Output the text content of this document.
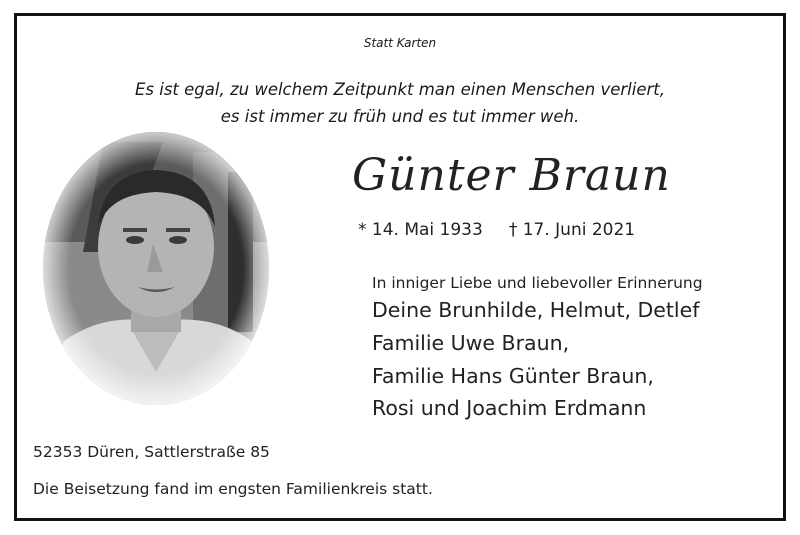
Statt Karten
Es ist egal, zu welchem Zeitpunkt man einen Menschen verliert,
es ist immer zu früh und es tut immer weh.
Günter Braun
* 14. Mai 1933 † 17. Juni 2021
In inniger Liebe und liebevoller Erinnerung
Deine Brunhilde, Helmut, Detlef
Familie Uwe Braun,
Familie Hans Günter Braun,
Rosi und Joachim Erdmann
52353 Düren, Sattlerstraße 85
Die Beisetzung fand im engsten Familienkreis statt.
